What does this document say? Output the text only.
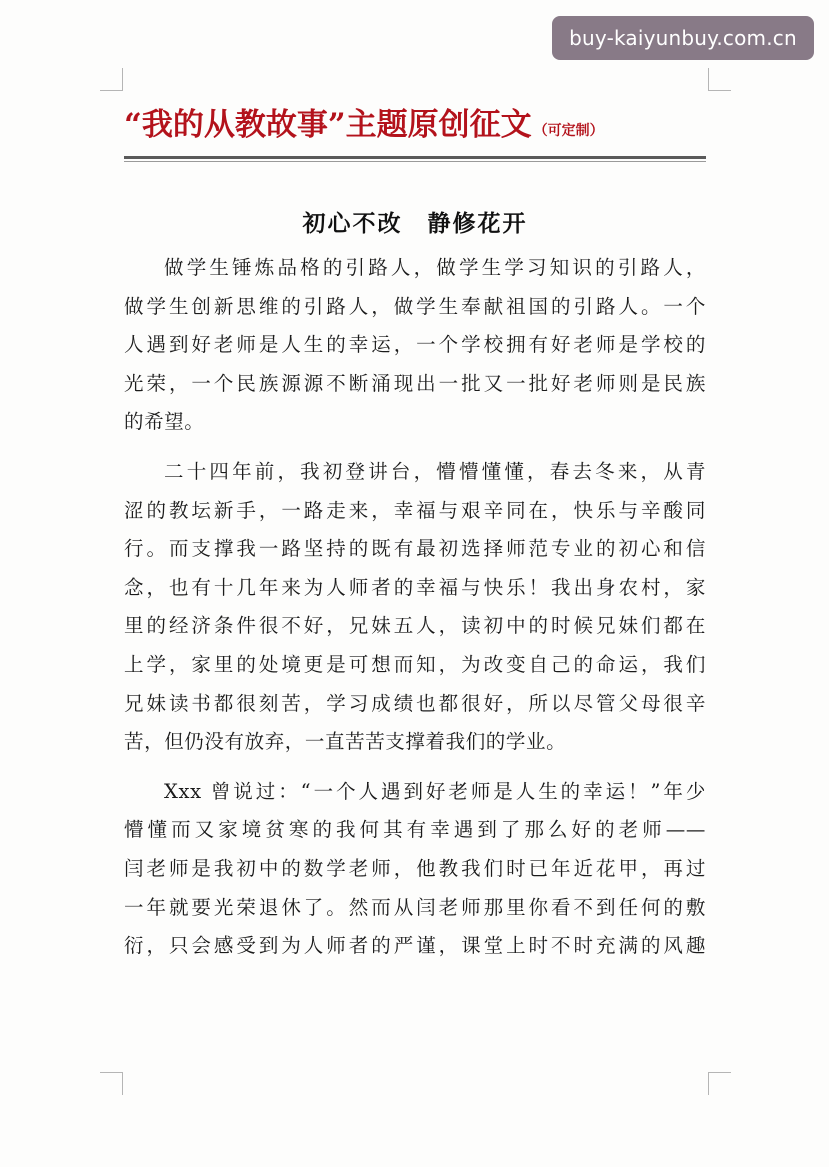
buy-kaiyunbuy.com.cn
“我的从教故事”主题原创征文 （可定制）
初心不改　静修花开

做学生锤炼品格的引路人，做学生学习知识的引路人，
做学生创新思维的引路人，做学生奉献祖国的引路人。一个
人遇到好老师是人生的幸运，一个学校拥有好老师是学校的
光荣，一个民族源源不断涌现出一批又一批好老师则是民族
的希望。

二十四年前，我初登讲台，懵懵懂懂，春去冬来，从青
涩的教坛新手，一路走来，幸福与艰辛同在，快乐与辛酸同
行。而支撑我一路坚持的既有最初选择师范专业的初心和信
念，也有十几年来为人师者的幸福与快乐！我出身农村，家
里的经济条件很不好，兄妹五人，读初中的时候兄妹们都在
上学，家里的处境更是可想而知，为改变自己的命运，我们
兄妹读书都很刻苦，学习成绩也都很好，所以尽管父母很辛
苦，但仍没有放弃，一直苦苦支撑着我们的学业。

Xxx 曾说过：“一个人遇到好老师是人生的幸运！”年少
懵懂而又家境贫寒的我何其有幸遇到了那么好的老师——
闫老师是我初中的数学老师，他教我们时已年近花甲，再过
一年就要光荣退休了。然而从闫老师那里你看不到任何的敷
衍，只会感受到为人师者的严谨，课堂上时不时充满的风趣
